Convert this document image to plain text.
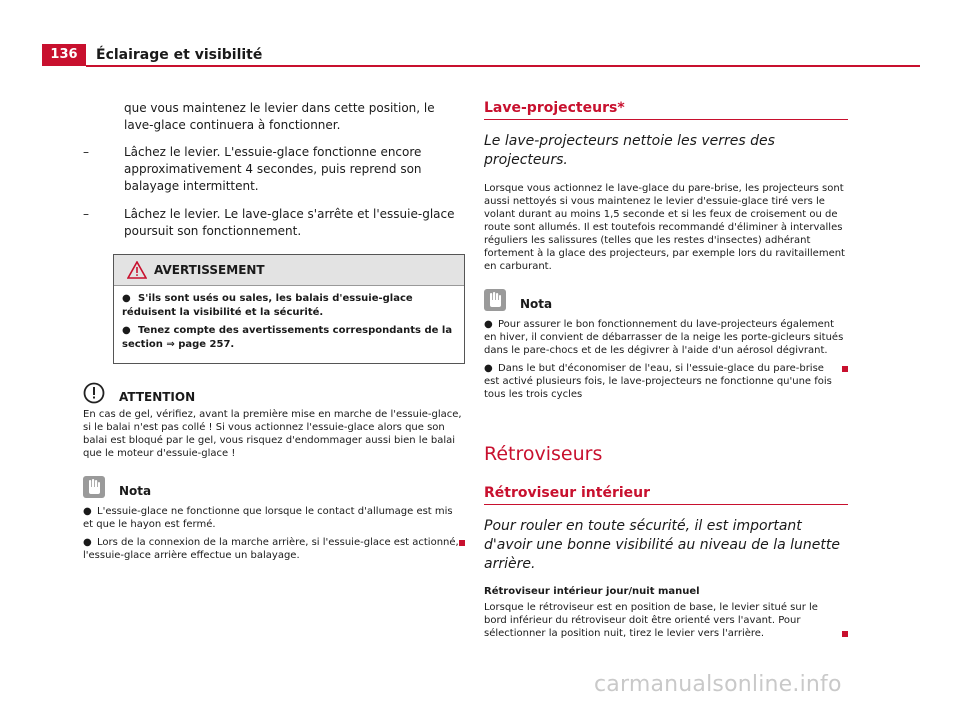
136	Éclairage et visibilité

que vous maintenez le levier dans cette position, le lave-glace continuera à fonctionner.

–	Lâchez le levier. L'essuie-glace fonctionne encore approximativement 4 secondes, puis reprend son balayage intermittent.
–	Lâchez le levier. Le lave-glace s'arrête et l'essuie-glace poursuit son fonctionnement.
AVERTISSEMENT
● S'ils sont usés ou sales, les balais d'essuie-glace réduisent la visibilité et la sécurité.
● Tenez compte des avertissements correspondants de la section ⇒ page 257.
ATTENTION
En cas de gel, vérifiez, avant la première mise en marche de l'essuie-glace, si le balai n'est pas collé ! Si vous actionnez l'essuie-glace alors que son balai est bloqué par le gel, vous risquez d'endommager aussi bien le balai que le moteur d'essuie-glace !
Nota
● L'essuie-glace ne fonctionne que lorsque le contact d'allumage est mis et que le hayon est fermé.
● Lors de la connexion de la marche arrière, si l'essuie-glace est actionné, l'essuie-glace arrière effectue un balayage.
Lave-projecteurs*

Le lave-projecteurs nettoie les verres des projecteurs.

Lorsque vous actionnez le lave-glace du pare-brise, les projecteurs sont aussi nettoyés si vous maintenez le levier d'essuie-glace tiré vers le volant durant au moins 1,5 seconde et si les feux de croisement ou de route sont allumés. Il est toutefois recommandé d'éliminer à intervalles réguliers les salissures (telles que les restes d'insectes) adhérant fortement à la glace des projecteurs, par exemple lors du ravitaillement en carburant.
Nota
● Pour assurer le bon fonctionnement du lave-projecteurs également en hiver, il convient de débarrasser de la neige les porte-gicleurs situés dans le pare-chocs et de les dégivrer à l'aide d'un aérosol dégivrant.
● Dans le but d'économiser de l'eau, si l'essuie-glace du pare-brise est activé plusieurs fois, le lave-projecteurs ne fonctionne qu'une fois tous les trois cycles
Rétroviseurs
Rétroviseur intérieur

Pour rouler en toute sécurité, il est important d'avoir une bonne visibilité au niveau de la lunette arrière.

Rétroviseur intérieur jour/nuit manuel
Lorsque le rétroviseur est en position de base, le levier situé sur le bord inférieur du rétroviseur doit être orienté vers l'avant. Pour sélectionner la position nuit, tirez le levier vers l'arrière.
carmanualsonline.info
